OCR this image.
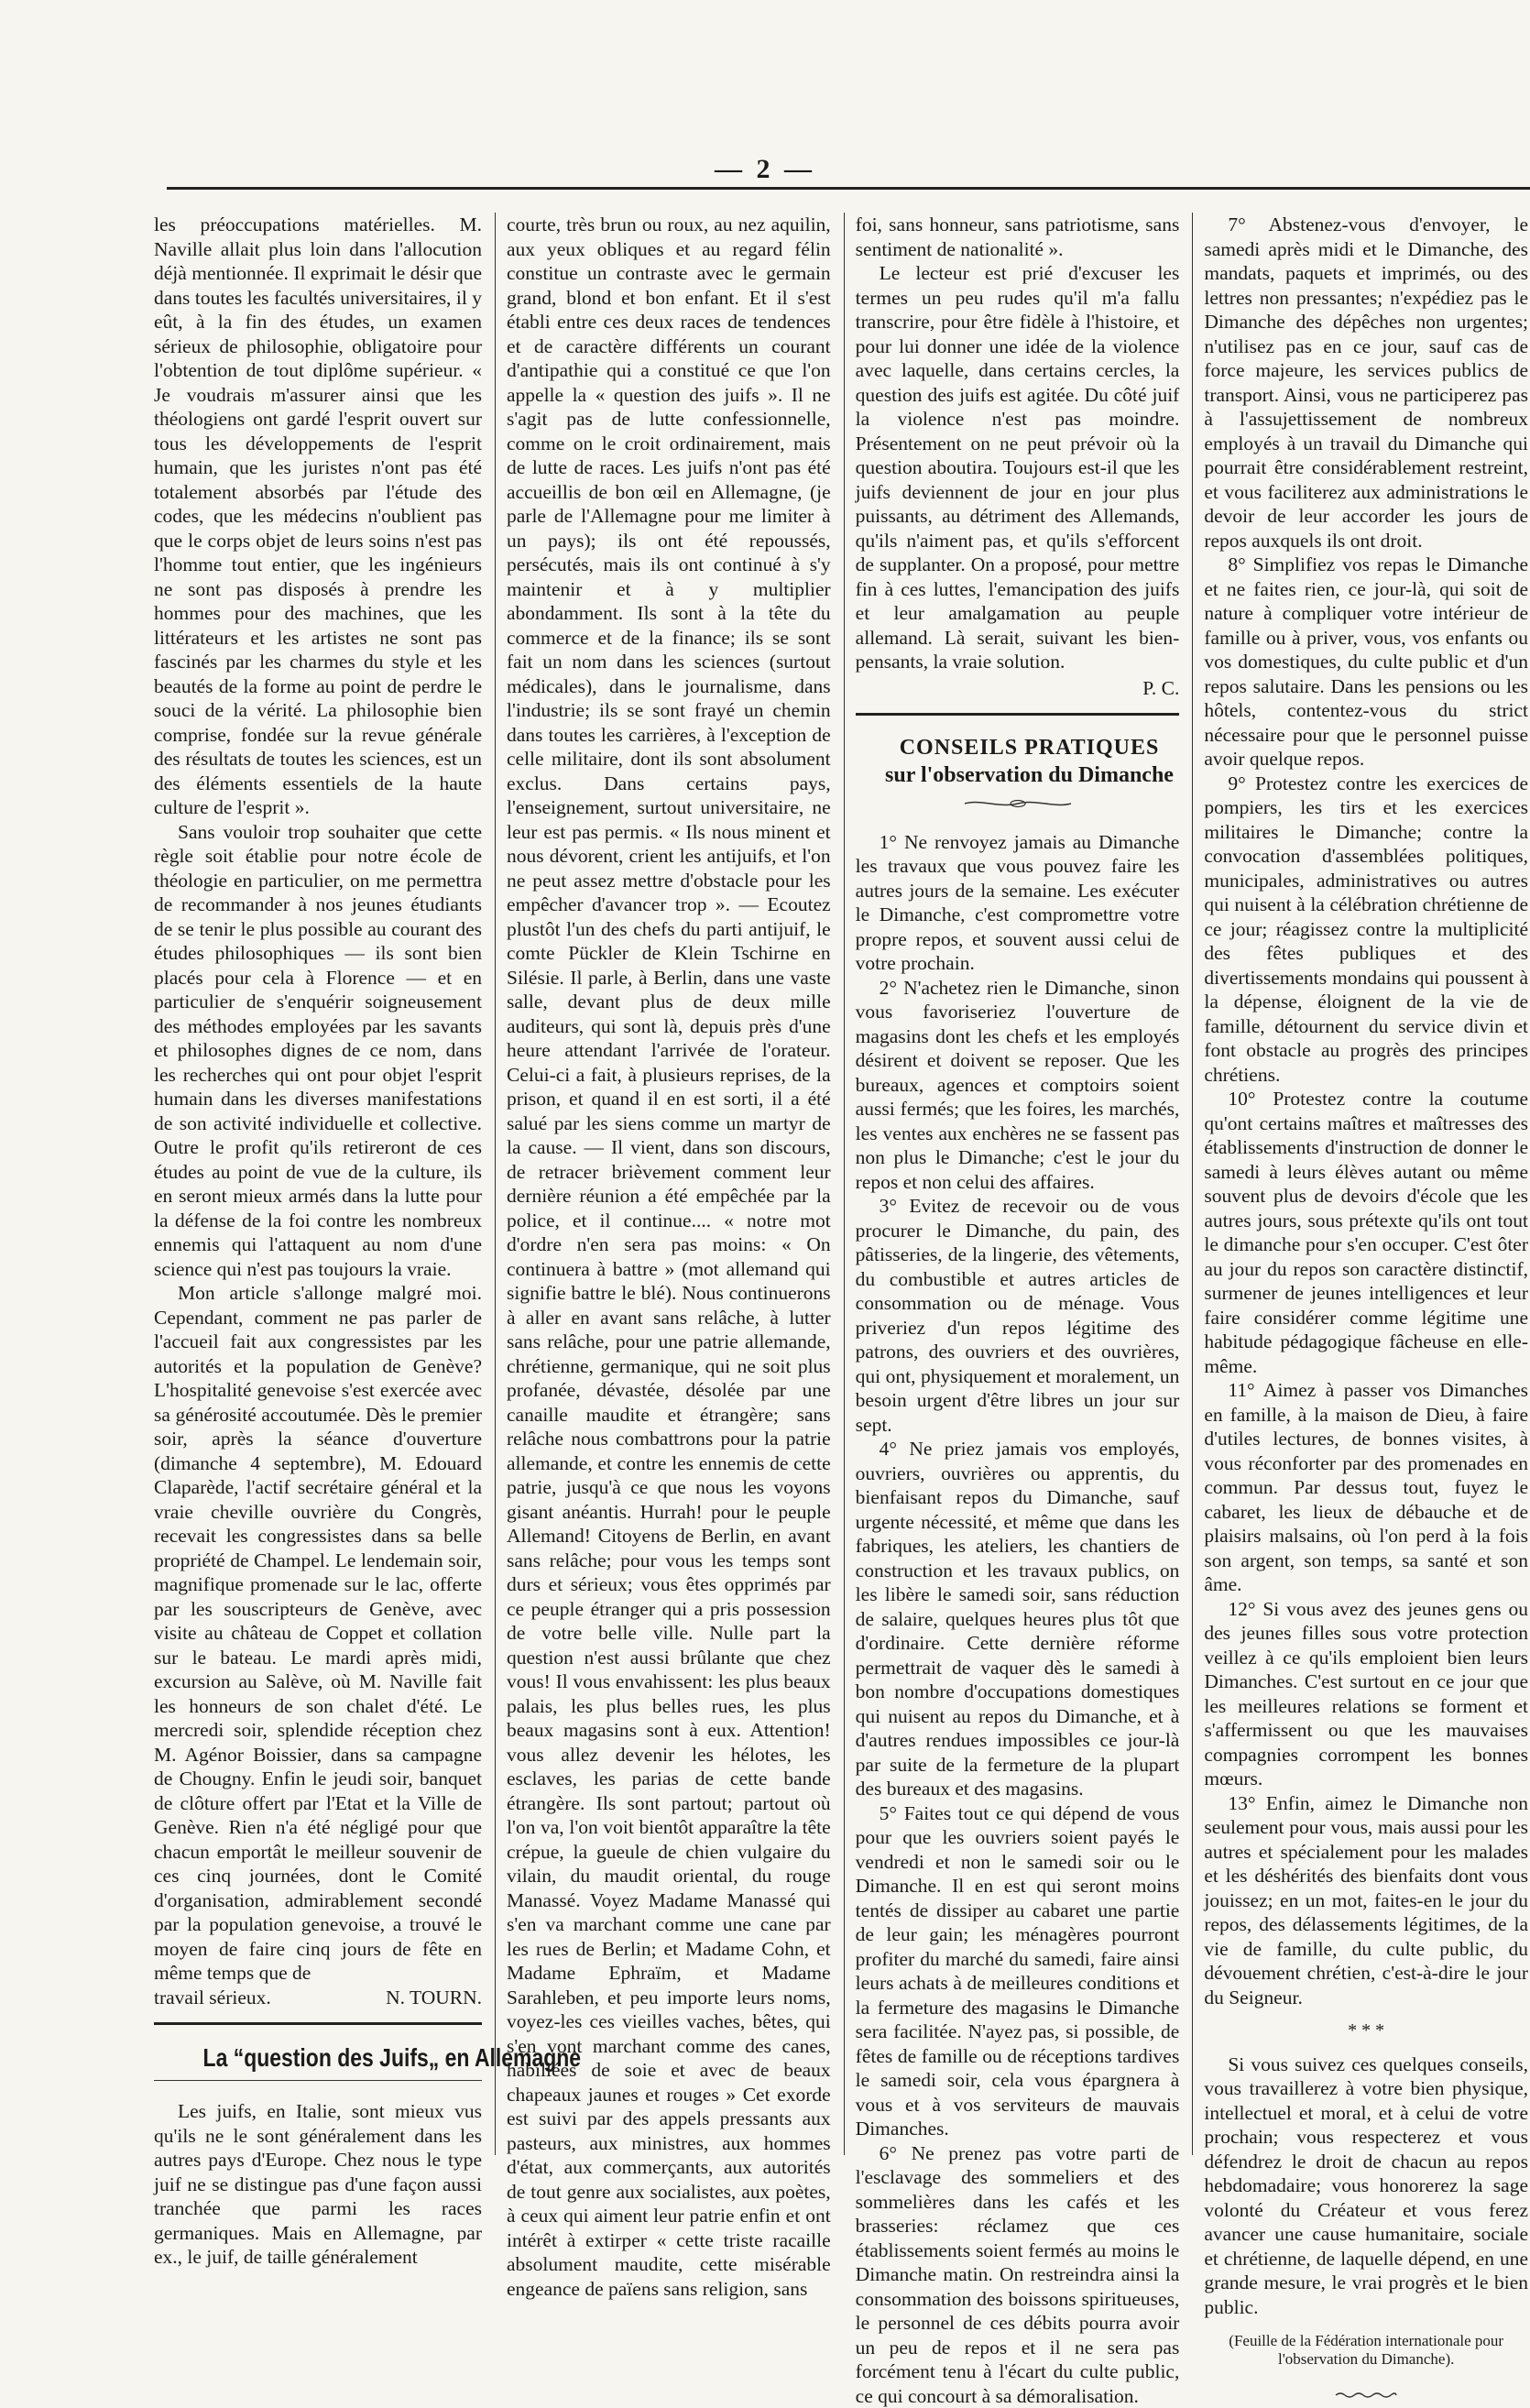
— 2 —

les préoccupations matérielles. M. Naville allait plus loin dans l'allocution déjà mentionnée. Il exprimait le désir que dans toutes les facultés universitaires, il y eût, à la fin des études, un examen sérieux de philosophie, obligatoire pour l'obtention de tout diplôme supérieur. « Je voudrais m'assurer ainsi que les théologiens ont gardé l'esprit ouvert sur tous les développements de l'esprit humain, que les juristes n'ont pas été totalement absorbés par l'étude des codes, que les médecins n'oublient pas que le corps objet de leurs soins n'est pas l'homme tout entier, que les ingénieurs ne sont pas disposés à prendre les hommes pour des machines, que les littérateurs et les artistes ne sont pas fascinés par les charmes du style et les beautés de la forme au point de perdre le souci de la vérité. La philosophie bien comprise, fondée sur la revue générale des résultats de toutes les sciences, est un des éléments essentiels de la haute culture de l'esprit ».

Sans vouloir trop souhaiter que cette règle soit établie pour notre école de théologie en particulier, on me permettra de recommander à nos jeunes étudiants de se tenir le plus possible au courant des études philosophiques — ils sont bien placés pour cela à Florence — et en particulier de s'enquérir soigneusement des méthodes employées par les savants et philosophes dignes de ce nom, dans les recherches qui ont pour objet l'esprit humain dans les diverses manifestations de son activité individuelle et collective. Outre le profit qu'ils retireront de ces études au point de vue de la culture, ils en seront mieux armés dans la lutte pour la défense de la foi contre les nombreux ennemis qui l'attaquent au nom d'une science qui n'est pas toujours la vraie.

Mon article s'allonge malgré moi. Cependant, comment ne pas parler de l'accueil fait aux congressistes par les autorités et la population de Genève? L'hospitalité genevoise s'est exercée avec sa générosité accoutumée. Dès le premier soir, après la séance d'ouverture (dimanche 4 septembre), M. Edouard Claparède, l'actif secrétaire général et la vraie cheville ouvrière du Congrès, recevait les congressistes dans sa belle propriété de Champel. Le lendemain soir, magnifique promenade sur le lac, offerte par les souscripteurs de Genève, avec visite au château de Coppet et collation sur le bateau. Le mardi après midi, excursion au Salève, où M. Naville fait les honneurs de son chalet d'été. Le mercredi soir, splendide réception chez M. Agénor Boissier, dans sa campagne de Chougny. Enfin le jeudi soir, banquet de clôture offert par l'Etat et la Ville de Genève. Rien n'a été négligé pour que chacun emportât le meilleur souvenir de ces cinq journées, dont le Comité d'organisation, admirablement secondé par la population genevoise, a trouvé le moyen de faire cinq jours de fête en même temps que de

travail sérieux.	N. TOURN.

La “question des Juifs„ en Allemagne

Les juifs, en Italie, sont mieux vus qu'ils ne le sont généralement dans les autres pays d'Europe. Chez nous le type juif ne se distingue pas d'une façon aussi tranchée que parmi les races germaniques. Mais en Allemagne, par ex., le juif, de taille généralement

courte, très brun ou roux, au nez aquilin, aux yeux obliques et au regard félin constitue un contraste avec le germain grand, blond et bon enfant. Et il s'est établi entre ces deux races de tendences et de caractère différents un courant d'antipathie qui a constitué ce que l'on appelle la « question des juifs ». Il ne s'agit pas de lutte confessionnelle, comme on le croit ordinairement, mais de lutte de races. Les juifs n'ont pas été accueillis de bon œil en Allemagne, (je parle de l'Allemagne pour me limiter à un pays); ils ont été repoussés, persécutés, mais ils ont continué à s'y maintenir et à y multiplier abondamment. Ils sont à la tête du commerce et de la finance; ils se sont fait un nom dans les sciences (surtout médicales), dans le journalisme, dans l'industrie; ils se sont frayé un chemin dans toutes les carrières, à l'exception de celle militaire, dont ils sont absolument exclus. Dans certains pays, l'enseignement, surtout universitaire, ne leur est pas permis. « Ils nous minent et nous dévorent, crient les antijuifs, et l'on ne peut assez mettre d'obstacle pour les empêcher d'avancer trop ». — Ecoutez plustôt l'un des chefs du parti antijuif, le comte Pückler de Klein Tschirne en Silésie. Il parle, à Berlin, dans une vaste salle, devant plus de deux mille auditeurs, qui sont là, depuis près d'une heure attendant l'arrivée de l'orateur. Celui-ci a fait, à plusieurs reprises, de la prison, et quand il en est sorti, il a été salué par les siens comme un martyr de la cause. — Il vient, dans son discours, de retracer brièvement comment leur dernière réunion a été empêchée par la police, et il continue.... « notre mot d'ordre n'en sera pas moins: « On continuera à battre » (mot allemand qui signifie battre le blé). Nous continuerons à aller en avant sans relâche, à lutter sans relâche, pour une patrie allemande, chrétienne, germanique, qui ne soit plus profanée, dévastée, désolée par une canaille maudite et étrangère; sans relâche nous combattrons pour la patrie allemande, et contre les ennemis de cette patrie, jusqu'à ce que nous les voyons gisant anéantis. Hurrah! pour le peuple Allemand! Citoyens de Berlin, en avant sans relâche; pour vous les temps sont durs et sérieux; vous êtes opprimés par ce peuple étranger qui a pris possession de votre belle ville. Nulle part la question n'est aussi brûlante que chez vous! Il vous envahissent: les plus beaux palais, les plus belles rues, les plus beaux magasins sont à eux. Attention! vous allez devenir les hélotes, les esclaves, les parias de cette bande étrangère. Ils sont partout; partout où l'on va, l'on voit bientôt apparaître la tête crépue, la gueule de chien vulgaire du vilain, du maudit oriental, du rouge Manassé. Voyez Madame Manassé qui s'en va marchant comme une cane par les rues de Berlin; et Madame Cohn, et Madame Ephraïm, et Madame Sarahleben, et peu importe leurs noms, voyez-les ces vieilles vaches, bêtes, qui s'en vont marchant comme des canes, habillées de soie et avec de beaux chapeaux jaunes et rouges » Cet exorde est suivi par des appels pressants aux pasteurs, aux ministres, aux hommes d'état, aux commerçants, aux autorités de tout genre aux socialistes, aux poètes, à ceux qui aiment leur patrie enfin et ont intérêt à extirper « cette triste racaille absolument maudite, cette misérable engeance de païens sans religion, sans

foi, sans honneur, sans patriotisme, sans sentiment de nationalité ».

Le lecteur est prié d'excuser les termes un peu rudes qu'il m'a fallu transcrire, pour être fidèle à l'histoire, et pour lui donner une idée de la violence avec laquelle, dans certains cercles, la question des juifs est agitée. Du côté juif la violence n'est pas moindre. Présentement on ne peut prévoir où la question aboutira. Toujours est-il que les juifs deviennent de jour en jour plus puissants, au détriment des Allemands, qu'ils n'aiment pas, et qu'ils s'efforcent de supplanter. On a proposé, pour mettre fin à ces luttes, l'emancipation des juifs et leur amalgamation au peuple allemand. Là serait, suivant les bien-pensants, la vraie solution.

P. C.

CONSEILS PRATIQUES

sur l'observation du Dimanche

1° Ne renvoyez jamais au Dimanche les travaux que vous pouvez faire les autres jours de la semaine. Les exécuter le Dimanche, c'est compromettre votre propre repos, et souvent aussi celui de votre prochain.

2° N'achetez rien le Dimanche, sinon vous favoriseriez l'ouverture de magasins dont les chefs et les employés désirent et doivent se reposer. Que les bureaux, agences et comptoirs soient aussi fermés; que les foires, les marchés, les ventes aux enchères ne se fassent pas non plus le Dimanche; c'est le jour du repos et non celui des affaires.

3° Evitez de recevoir ou de vous procurer le Dimanche, du pain, des pâtisseries, de la lingerie, des vêtements, du combustible et autres articles de consommation ou de ménage. Vous priveriez d'un repos légitime des patrons, des ouvriers et des ouvrières, qui ont, physiquement et moralement, un besoin urgent d'être libres un jour sur sept.

4° Ne priez jamais vos employés, ouvriers, ouvrières ou apprentis, du bienfaisant repos du Dimanche, sauf urgente nécessité, et même que dans les fabriques, les ateliers, les chantiers de construction et les travaux publics, on les libère le samedi soir, sans réduction de salaire, quelques heures plus tôt que d'ordinaire. Cette dernière réforme permettrait de vaquer dès le samedi à bon nombre d'occupations domestiques qui nuisent au repos du Dimanche, et à d'autres rendues impossibles ce jour-là par suite de la fermeture de la plupart des bureaux et des magasins.

5° Faites tout ce qui dépend de vous pour que les ouvriers soient payés le vendredi et non le samedi soir ou le Dimanche. Il en est qui seront moins tentés de dissiper au cabaret une partie de leur gain; les ménagères pourront profiter du marché du samedi, faire ainsi leurs achats à de meilleures conditions et la fermeture des magasins le Dimanche sera facilitée. N'ayez pas, si possible, de fêtes de famille ou de réceptions tardives le samedi soir, cela vous épargnera à vous et à vos serviteurs de mauvais Dimanches.

6° Ne prenez pas votre parti de l'esclavage des sommeliers et des sommelières dans les cafés et les brasseries: réclamez que ces établissements soient fermés au moins le Dimanche matin. On restreindra ainsi la consommation des boissons spiritueuses, le personnel de ces débits pourra avoir un peu de repos et il ne sera pas forcément tenu à l'écart du culte public, ce qui concourt à sa démoralisation.

7° Abstenez-vous d'envoyer, le samedi après midi et le Dimanche, des mandats, paquets et imprimés, ou des lettres non pressantes; n'expédiez pas le Dimanche des dépêches non urgentes; n'utilisez pas en ce jour, sauf cas de force majeure, les services publics de transport. Ainsi, vous ne participerez pas à l'assujettissement de nombreux employés à un travail du Dimanche qui pourrait être considérablement restreint, et vous faciliterez aux administrations le devoir de leur accorder les jours de repos auxquels ils ont droit.

8° Simplifiez vos repas le Dimanche et ne faites rien, ce jour-là, qui soit de nature à compliquer votre intérieur de famille ou à priver, vous, vos enfants ou vos domestiques, du culte public et d'un repos salutaire. Dans les pensions ou les hôtels, contentez-vous du strict nécessaire pour que le personnel puisse avoir quelque repos.

9° Protestez contre les exercices de pompiers, les tirs et les exercices militaires le Dimanche; contre la convocation d'assemblées politiques, municipales, administratives ou autres qui nuisent à la célébration chrétienne de ce jour; réagissez contre la multiplicité des fêtes publiques et des divertissements mondains qui poussent à la dépense, éloignent de la vie de famille, détournent du service divin et font obstacle au progrès des principes chrétiens.

10° Protestez contre la coutume qu'ont certains maîtres et maîtresses des établissements d'instruction de donner le samedi à leurs élèves autant ou même souvent plus de devoirs d'école que les autres jours, sous prétexte qu'ils ont tout le dimanche pour s'en occuper. C'est ôter au jour du repos son caractère distinctif, surmener de jeunes intelligences et leur faire considérer comme légitime une habitude pédagogique fâcheuse en elle-même.

11° Aimez à passer vos Dimanches en famille, à la maison de Dieu, à faire d'utiles lectures, de bonnes visites, à vous réconforter par des promenades en commun. Par dessus tout, fuyez le cabaret, les lieux de débauche et de plaisirs malsains, où l'on perd à la fois son argent, son temps, sa santé et son âme.

12° Si vous avez des jeunes gens ou des jeunes filles sous votre protection veillez à ce qu'ils emploient bien leurs Dimanches. C'est surtout en ce jour que les meilleures relations se forment et s'affermissent ou que les mauvaises compagnies corrompent les bonnes mœurs.

13° Enfin, aimez le Dimanche non seulement pour vous, mais aussi pour les autres et spécialement pour les malades et les déshérités des bienfaits dont vous jouissez; en un mot, faites-en le jour du repos, des délassements légitimes, de la vie de famille, du culte public, du dévouement chrétien, c'est-à-dire le jour du Seigneur.

* * *

Si vous suivez ces quelques conseils, vous travaillerez à votre bien physique, intellectuel et moral, et à celui de votre prochain; vous respecterez et vous défendrez le droit de chacun au repos hebdomadaire; vous honorerez la sage volonté du Créateur et vous ferez avancer une cause humanitaire, sociale et chrétienne, de laquelle dépend, en une grande mesure, le vrai progrès et le bien public.

(Feuille de la Fédération internationale pour l'observation du Dimanche).
